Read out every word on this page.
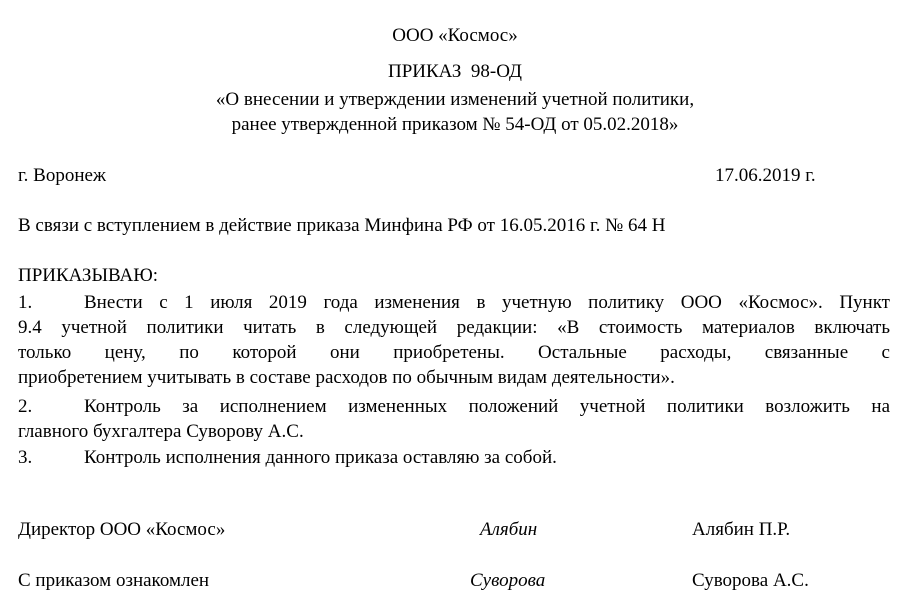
ООО «Космос»
ПРИКАЗ  98-ОД
«О внесении и утверждении изменений учетной политики,
ранее утвержденной приказом № 54-ОД от 05.02.2018»
г. Воронеж	17.06.2019 г.
В связи с вступлением в действие приказа Минфина РФ от 16.05.2016 г. № 64 Н
ПРИКАЗЫВАЮ:
1.	Внести с 1 июля 2019 года изменения в учетную политику ООО «Космос». Пункт
9.4 учетной политики читать в следующей редакции: «В стоимость материалов включать
только цену, по которой они приобретены. Остальные расходы, связанные с
приобретением учитывать в составе расходов по обычным видам деятельности».
2.	Контроль за исполнением измененных положений учетной политики возложить на
главного бухгалтера Суворову А.С.
3.	Контроль исполнения данного приказа оставляю за собой.
Директор ООО «Космос»	Алябин	Алябин П.Р.
С приказом ознакомлен	Суворова	Суворова А.С.
